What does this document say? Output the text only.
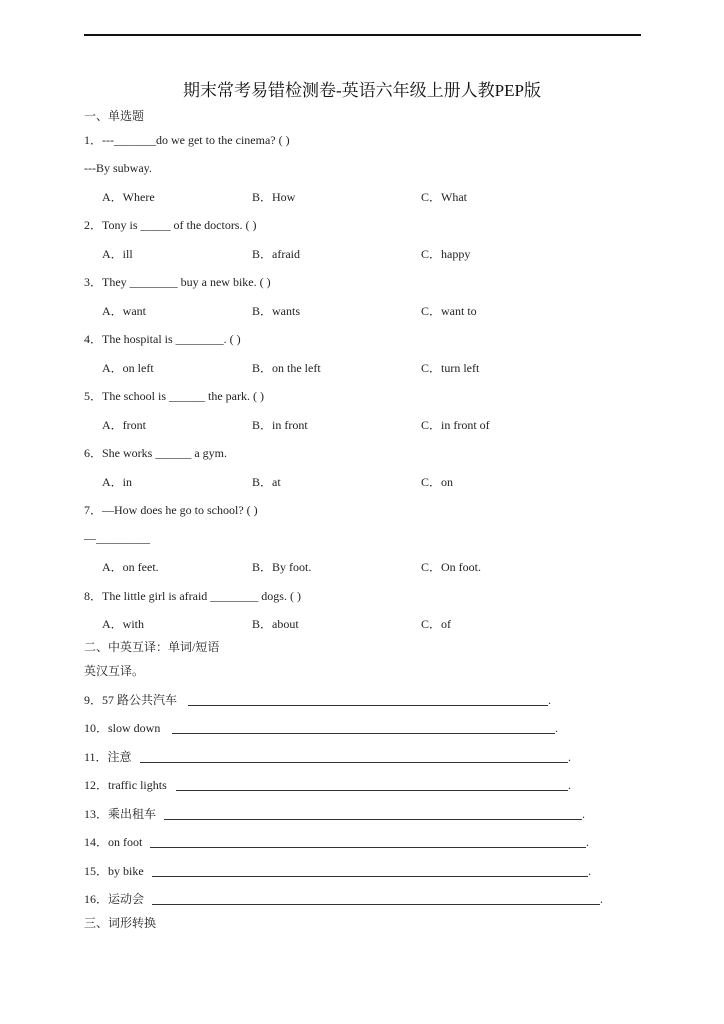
期末常考易错检测卷-英语六年级上册人教PEP版
一、单选题
1．---_______do we get to the cinema? ( )
---By subway.
A．Where	B．How	C．What
2．Tony is _____ of the doctors. ( )
A．ill	B．afraid	C．happy
3．They ________ buy a new bike. ( )
A．want	B．wants	C．want to
4．The hospital is ________. ( )
A．on left	B．on the left	C．turn left
5．The school is ______ the park. ( )
A．front	B．in front	C．in front of
6．She works ______ a gym.
A．in	B．at	C．on
7．—How does he go to school? ( )
—_________
A．on feet.	B．By foot.	C．On foot.
8．The little girl is afraid ________ dogs. ( )
A．with	B．about	C．of
二、中英互译：单词/短语
英汉互译。
9．57 路公共汽车	.
10．slow down	.
11．注意	.
12．traffic lights	.
13．乘出租车	.
14．on foot	.
15．by bike	.
16．运动会	.
三、词形转换
